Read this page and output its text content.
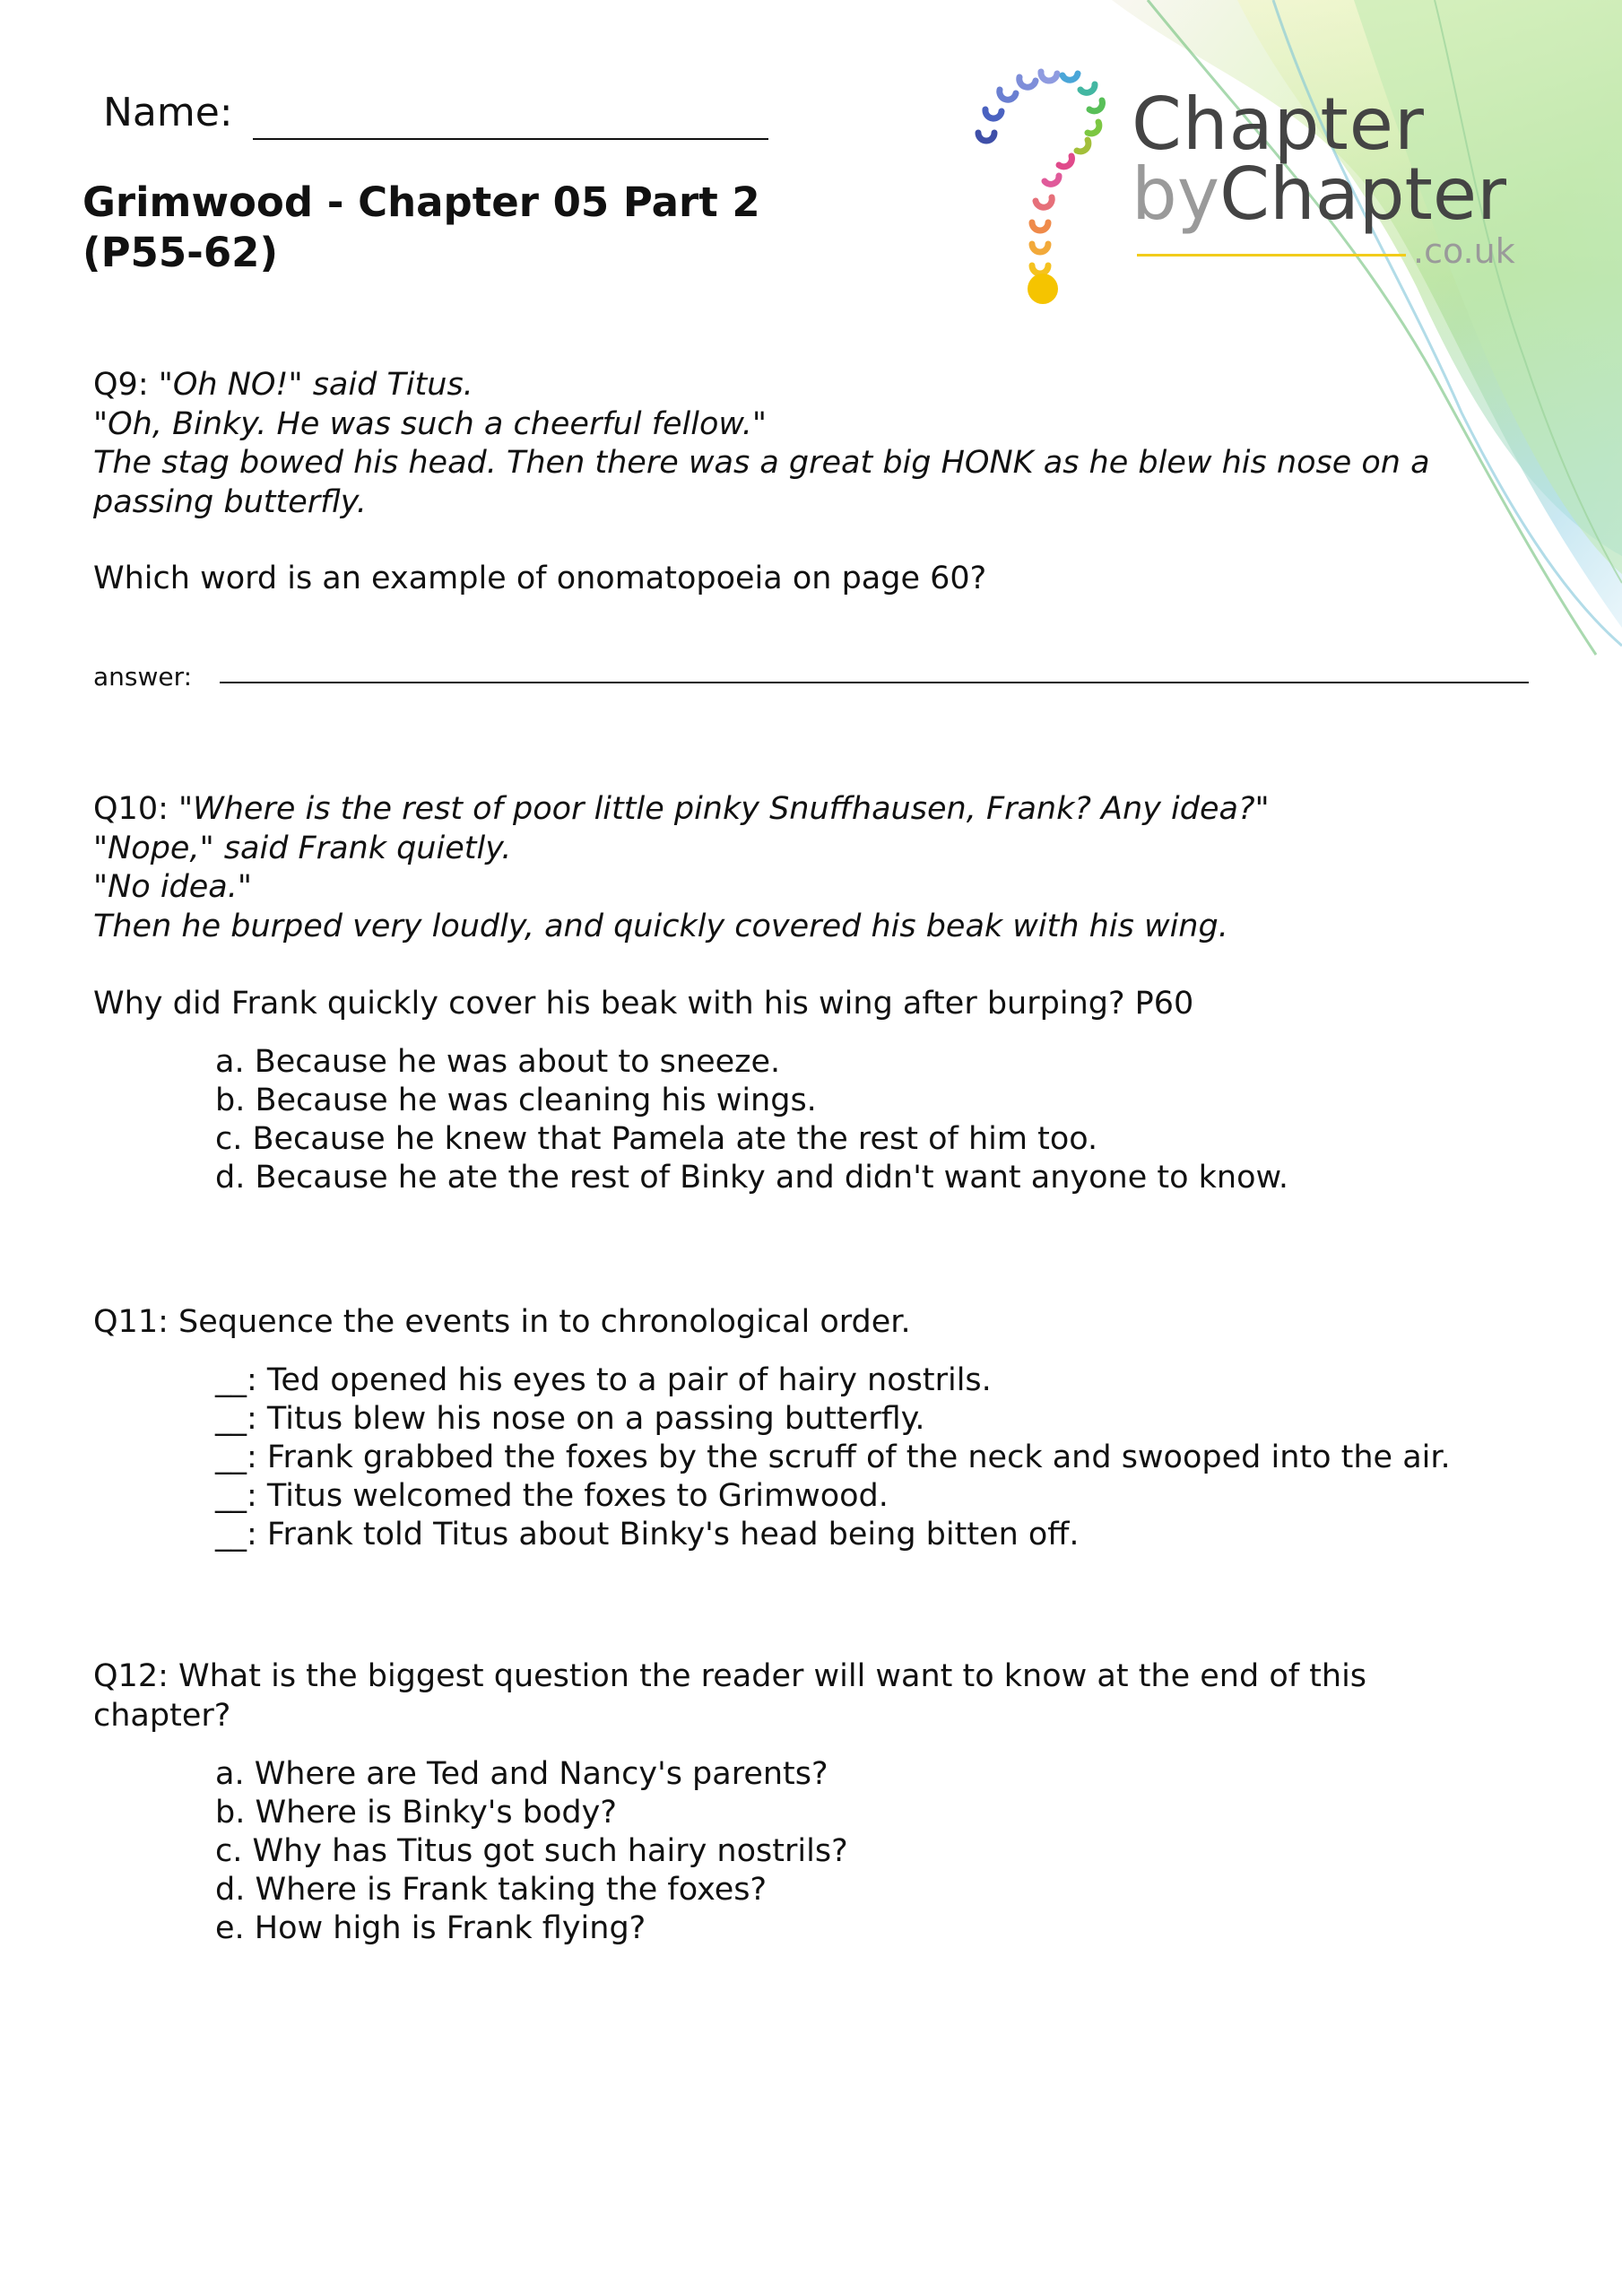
Name:

Grimwood - Chapter 05 Part 2

(P55-62)

Chapter
byChapter
.co.uk

Q9: "Oh NO!" said Titus.

"Oh, Binky. He was such a cheerful fellow."

The stag bowed his head. Then there was a great big HONK as he blew his nose on a

passing butterfly.

Which word is an example of onomatopoeia on page 60?
answer:

Q10: "Where is the rest of poor little pinky Snuffhausen, Frank? Any idea?"

"Nope," said Frank quietly.

"No idea."

Then he burped very loudly, and quickly covered his beak with his wing.

Why did Frank quickly cover his beak with his wing after burping? P60

a. Because he was about to sneeze.

b. Because he was cleaning his wings.

c. Because he knew that Pamela ate the rest of him too.

d. Because he ate the rest of Binky and didn't want anyone to know.

Q11: Sequence the events in to chronological order.

__: Ted opened his eyes to a pair of hairy nostrils.

__: Titus blew his nose on a passing butterfly.

__: Frank grabbed the foxes by the scruff of the neck and swooped into the air.

__: Titus welcomed the foxes to Grimwood.

__: Frank told Titus about Binky's head being bitten off.

Q12: What is the biggest question the reader will want to know at the end of this

chapter?

a. Where are Ted and Nancy's parents?

b. Where is Binky's body?

c. Why has Titus got such hairy nostrils?

d. Where is Frank taking the foxes?

e. How high is Frank flying?
